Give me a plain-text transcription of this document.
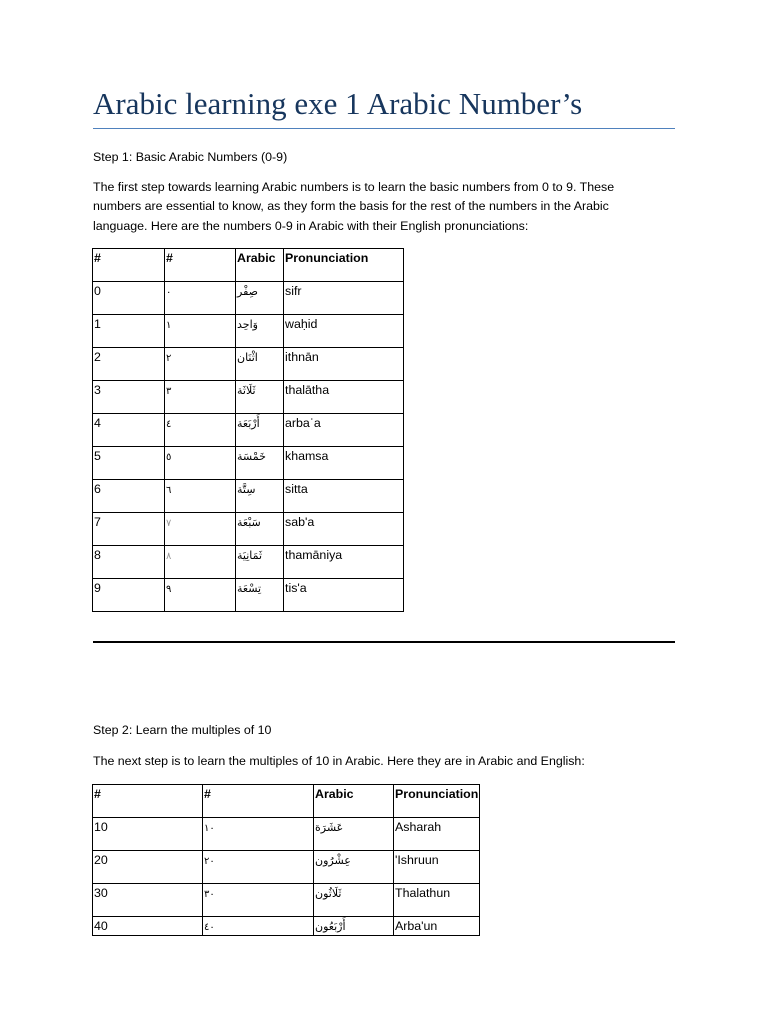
Arabic learning exe 1 Arabic Number’s

Step 1: Basic Arabic Numbers (0-9)

The first step towards learning Arabic numbers is to learn the basic numbers from 0 to 9. These
numbers are essential to know, as they form the basis for the rest of the numbers in the Arabic
language. Here are the numbers 0-9 in Arabic with their English pronunciations:

#	#	Arabic	Pronunciation
0	٠	صِفْر	sifr
1	١	وَاحِد	waḥid
2	٢	اثْنَان	ithnān
3	٣	ثَلَاثَة	thalātha
4	٤	أَرْبَعَة	arbaʿa
5	٥	خَمْسَة	khamsa
6	٦	سِتَّة	sitta
7	٧	سَبْعَة	sab'a
8	٨	ثَمَانِيَة	thamāniya
9	٩	تِسْعَة	tis'a

Step 2: Learn the multiples of 10

The next step is to learn the multiples of 10 in Arabic. Here they are in Arabic and English:

#	#	Arabic	Pronunciation
10	١٠	عَشَرَة	Asharah
20	٢٠	عِشْرُون	'Ishruun
30	٣٠	ثَلَاثُون	Thalathun
40	٤٠	أَرْبَعُون	Arba'un
